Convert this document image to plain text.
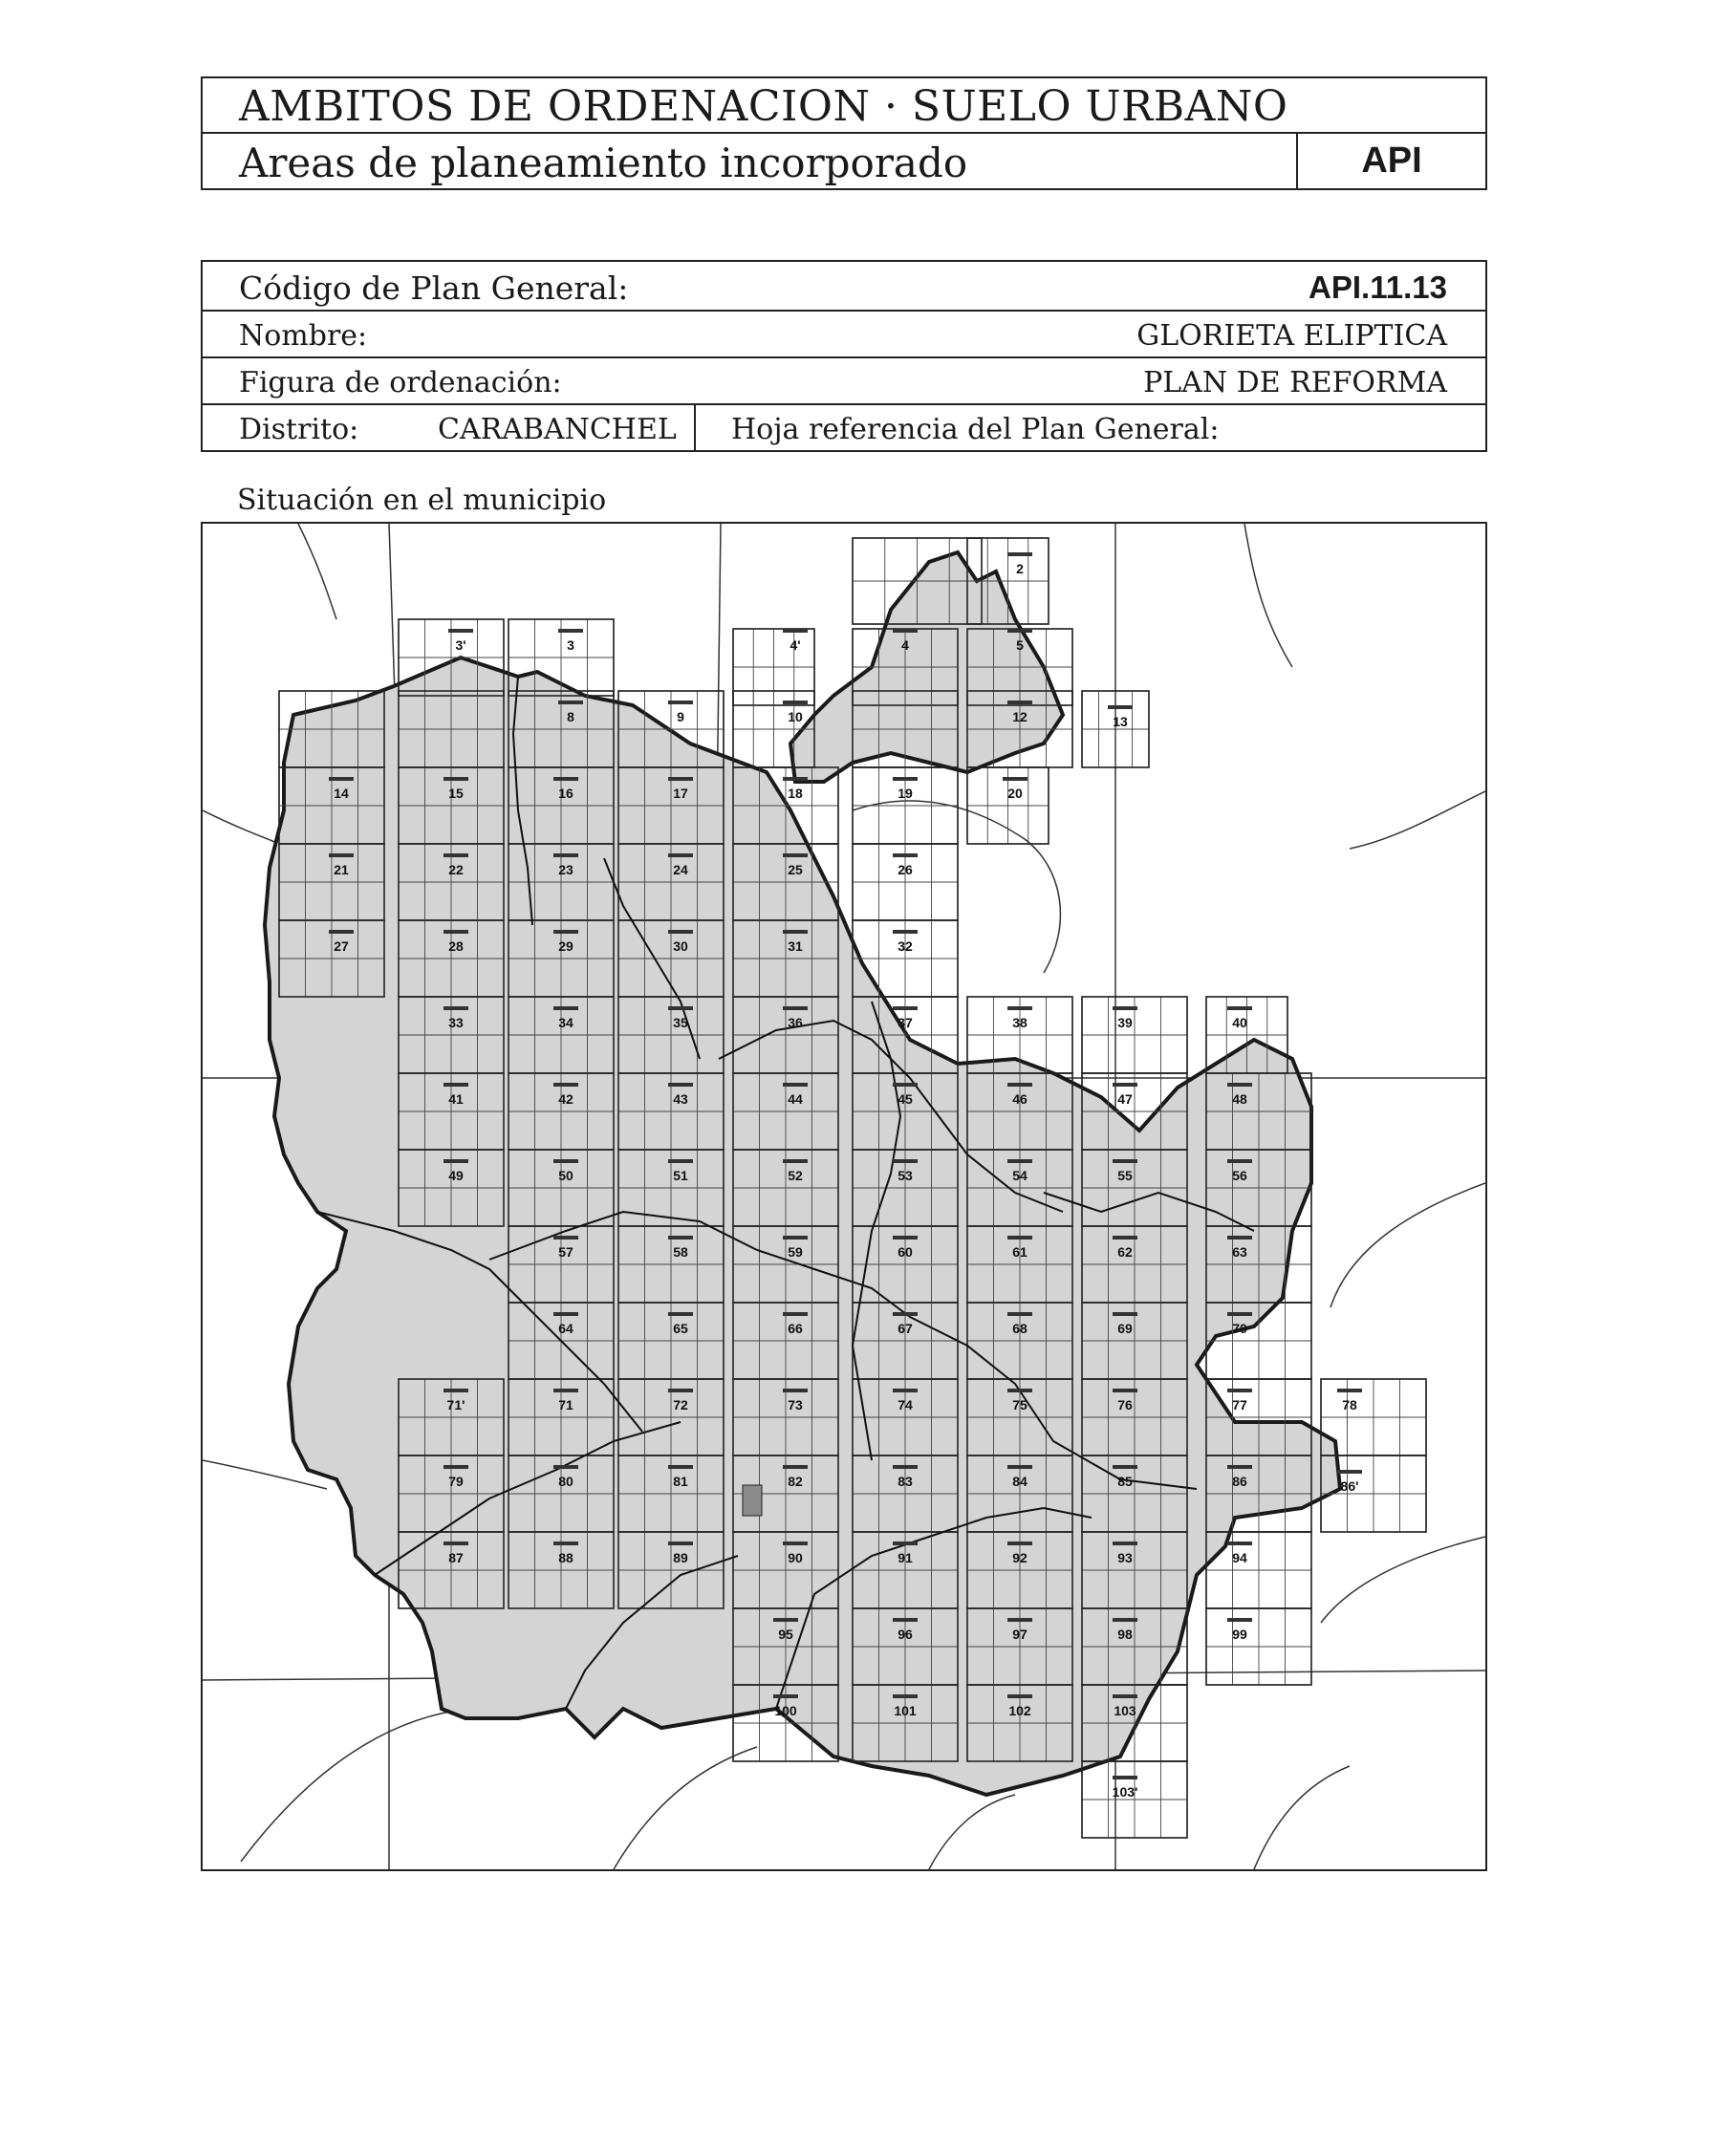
AMBITOS DE ORDENACION · SUELO URBANO
Areas de planeamiento incorporado	API
Código de Plan General:	API.11.13
Nombre:	GLORIETA ELIPTICA
Figura de ordenación:	PLAN DE REFORMA
Distrito:	CARABANCHEL Hoja referencia del Plan General:
Situación en el municipio
2
3'	3	4'	4	5
8	9	10	12	13
14	15	16	17	18	19	20
21	22	23	24	25	26
27	28	29	30	31	32
33	34	35	36	37	38	39	40
41	42	43	44	45	46	47	48
49	50	51	52	53	54	55	56
57	58	59	60	61	62	63
64	65	66	67	68	69	70
71'	71	72	73	74	75	76	77	78
79	80	81	82	83	84	85	86	86'
87	88	89	90	91	92	93	94
95	96	97	98	99
100	101	102	103
103'
